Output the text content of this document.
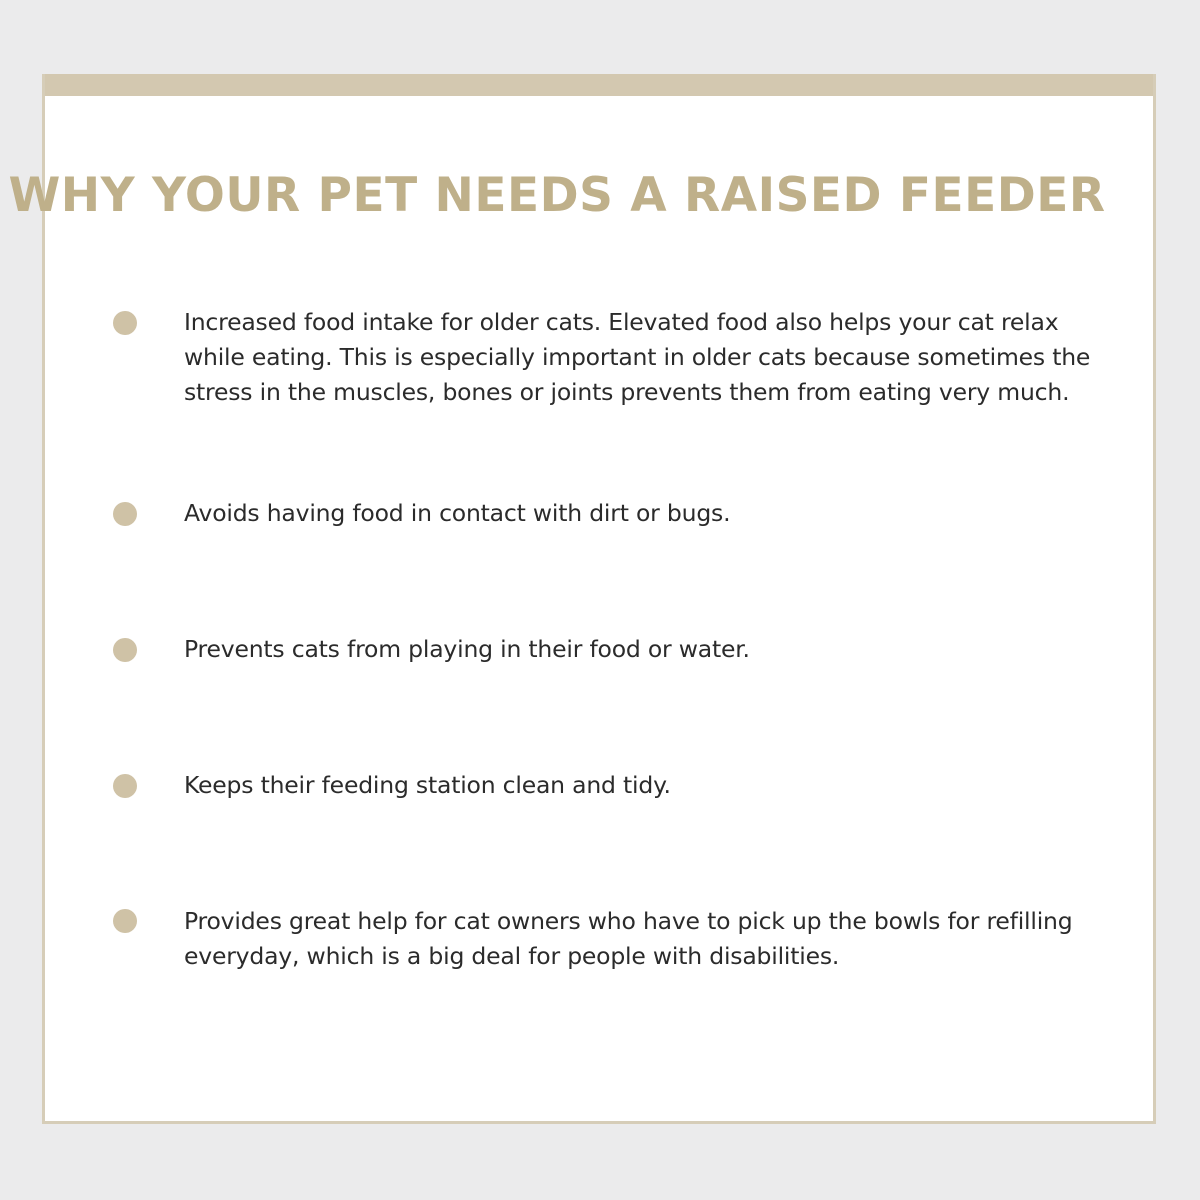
WHY YOUR PET NEEDS A RAISED FEEDER

Increased food intake for older cats. Elevated food also helps your cat relax while eating. This is especially important in older cats because sometimes the stress in the muscles, bones or joints prevents them from eating very much.

Avoids having food in contact with dirt or bugs.

Prevents cats from playing in their food or water.

Keeps their feeding station clean and tidy.

Provides great help for cat owners who have to pick up the bowls for refilling everyday, which is a big deal for people with disabilities.
